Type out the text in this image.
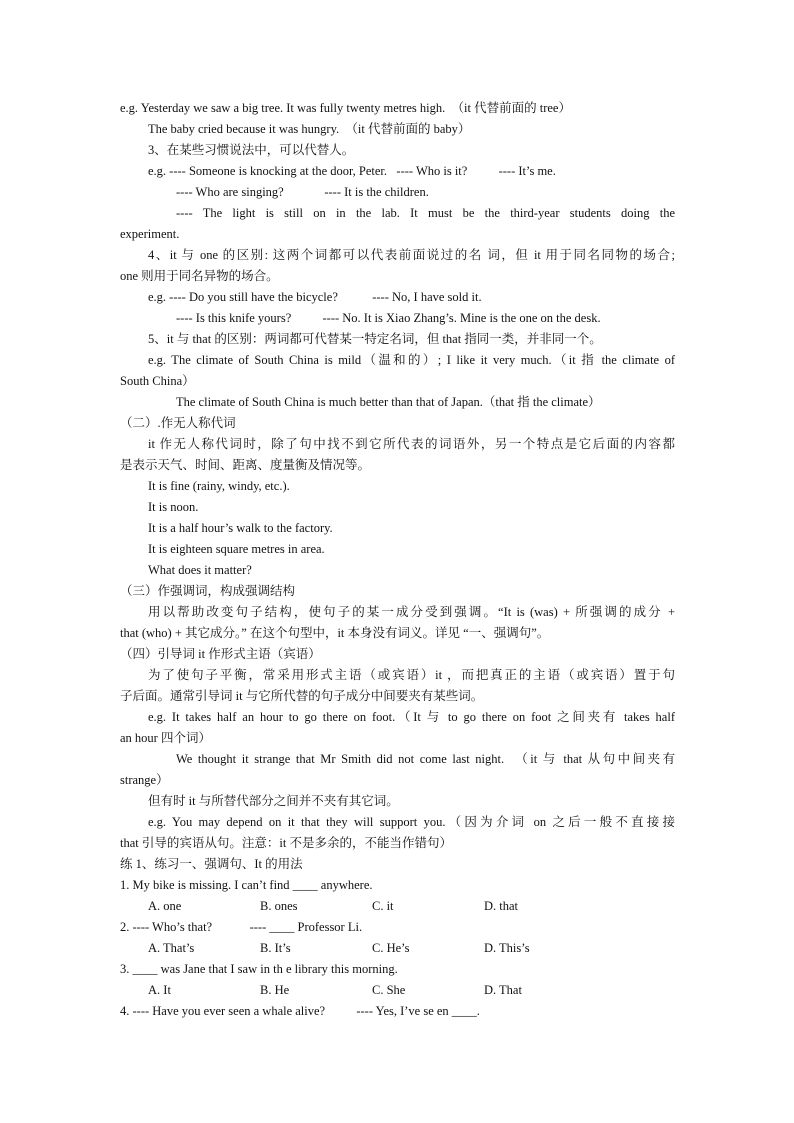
e.g. Yesterday we saw a big tree. It was fully twenty metres high.  （it 代替前面的 tree）
The baby cried because it was hungry.  （it 代替前面的 baby）
3、在某些习惯说法中，可以代替人。
e.g. ---- Someone is knocking at the door, Peter.   ---- Who is it?          ---- It’s me.
---- Who are singing?             ---- It is the children.
---- The light is still on in the lab. It must be the third-year students doing the
experiment.
4、it 与 one 的区别: 这两个词都可以代表前面说过的名 词，但 it 用于同名同物的场合;
one 则用于同名异物的场合。
e.g. ---- Do you still have the bicycle?           ---- No, I have sold it.
---- Is this knife yours?          ---- No. It is Xiao Zhang’s. Mine is the one on the desk.
5、it 与 that 的区别：两词都可代替某一特定名词，但 that 指同一类，并非同一个。
e.g. The climate of South China is mild（温和的）; I like it very much.（it 指 the climate of
South China）
The climate of South China is much better than that of Japan.（that 指 the climate）
（二）.作无人称代词
it 作无人称代词时，除了句中找不到它所代表的词语外，另一个特点是它后面的内容都
是表示天气、时间、距离、度量衡及情况等。
It is fine (rainy, windy, etc.).
It is noon.
It is a half hour’s walk to the factory.
It is eighteen square metres in area.
What does it matter?
（三）作强调词，构成强调结构
用以帮助改变句子结构，使句子的某一成分受到强调。“It is (was) + 所强调的成分 +
that (who) + 其它成分。” 在这个句型中，it 本身没有词义。详见 “一、强调句”。
（四）引导词 it 作形式主语（宾语）
为了使句子平衡，常采用形式主语（或宾语）it ，而把真正的主语（或宾语）置于句
子后面。通常引导词 it 与它所代替的句子成分中间要夹有某些词。
e.g. It takes half an hour to go there on foot.（It 与 to go there on foot 之间夹有 takes half
an hour 四个词）
We thought it strange that Mr Smith did not come last night.  （it 与 that 从句中间夹有
strange）
但有时 it 与所替代部分之间并不夹有其它词。
e.g. You may depend on it that they will support you.（因为介词 on 之后一般不直接接
that 引导的宾语从句。注意：it 不是多余的，不能当作错句）
练 1、练习一、强调句、It 的用法
1. My bike is missing. I can’t find ____ anywhere.
A. one	B. ones	C. it	D. that
2. ---- Who’s that?            ---- ____ Professor Li.
A. That’s	B. It’s	C. He’s	D. This’s
3. ____ was Jane that I saw in th e library this morning.
A. It	B. He	C. She	D. That
4. ---- Have you ever seen a whale alive?          ---- Yes, I’ve se en ____.
